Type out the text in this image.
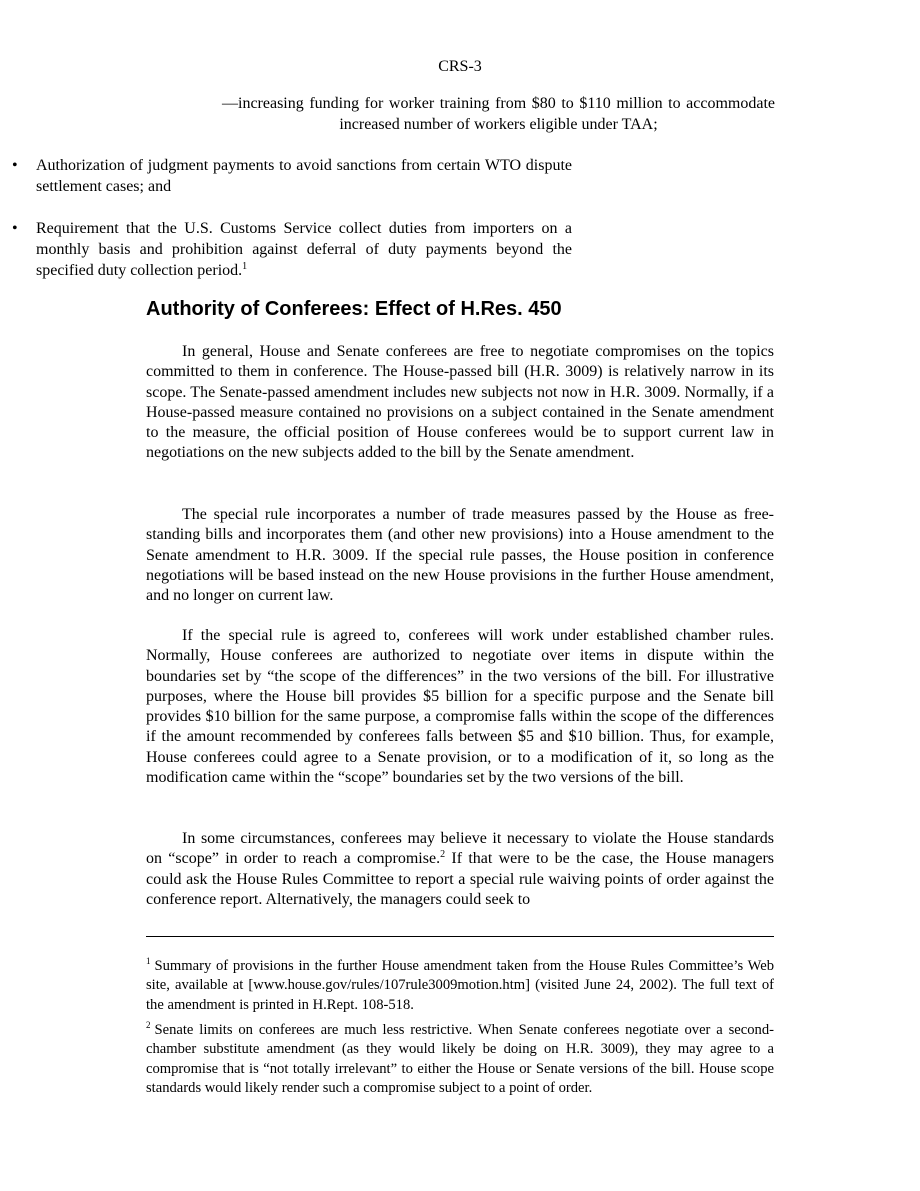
CRS-3
—increasing funding for worker training from $80 to $110 million to accommodate increased number of workers eligible under TAA;
• Authorization of judgment payments to avoid sanctions from certain WTO dispute settlement cases; and
• Requirement that the U.S. Customs Service collect duties from importers on a monthly basis and prohibition against deferral of duty payments beyond the specified duty collection period.$^1$
Authority of Conferees: Effect of H.Res. 450

In general, House and Senate conferees are free to negotiate compromises on the topics committed to them in conference. The House-passed bill (H.R. 3009) is relatively narrow in its scope. The Senate-passed amendment includes new subjects not now in H.R. 3009. Normally, if a House-passed measure contained no provisions on a subject contained in the Senate amendment to the measure, the official position of House conferees would be to support current law in negotiations on the new subjects added to the bill by the Senate amendment.

The special rule incorporates a number of trade measures passed by the House as free-standing bills and incorporates them (and other new provisions) into a House amendment to the Senate amendment to H.R. 3009. If the special rule passes, the House position in conference negotiations will be based instead on the new House provisions in the further House amendment, and no longer on current law.

If the special rule is agreed to, conferees will work under established chamber rules. Normally, House conferees are authorized to negotiate over items in dispute within the boundaries set by “the scope of the differences” in the two versions of the bill. For illustrative purposes, where the House bill provides $5 billion for a specific purpose and the Senate bill provides $10 billion for the same purpose, a compromise falls within the scope of the differences if the amount recommended by conferees falls between $5 and $10 billion. Thus, for example, House conferees could agree to a Senate provision, or to a modification of it, so long as the modification came within the “scope” boundaries set by the two versions of the bill.

In some circumstances, conferees may believe it necessary to violate the House standards on “scope” in order to reach a compromise.$^2$ If that were to be the case, the House managers could ask the House Rules Committee to report a special rule waiving points of order against the conference report. Alternatively, the managers could seek to

$^1$ Summary of provisions in the further House amendment taken from the House Rules Committee’s Web site, available at [www.house.gov/rules/107rule3009motion.htm] (visited June 24, 2002). The full text of the amendment is printed in H.Rept. 108-518.

$^2$ Senate limits on conferees are much less restrictive. When Senate conferees negotiate over a second-chamber substitute amendment (as they would likely be doing on H.R. 3009), they may agree to a compromise that is “not totally irrelevant” to either the House or Senate versions of the bill. House scope standards would likely render such a compromise subject to a point of order.
